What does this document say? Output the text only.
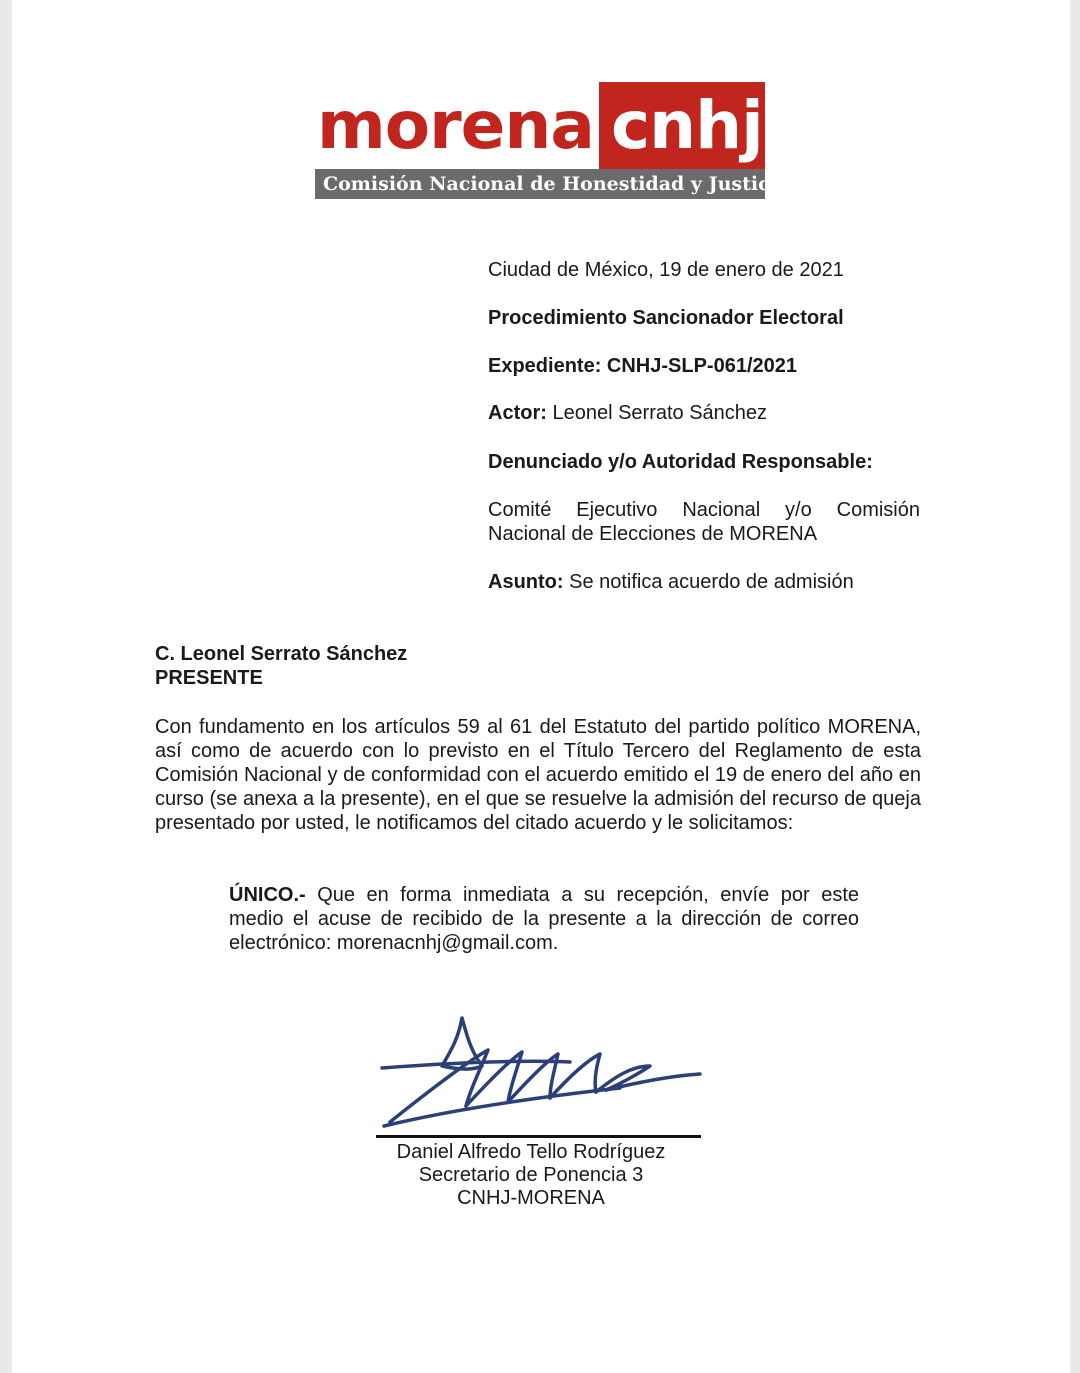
morena cnhj
Comisión Nacional de Honestidad y Justicia
Ciudad de México, 19 de enero de 2021
Procedimiento Sancionador Electoral
Expediente: CNHJ-SLP-061/2021
Actor: Leonel Serrato Sánchez
Denunciado y/o Autoridad Responsable:
Comité Ejecutivo Nacional y/o Comisión
Nacional de Elecciones de MORENA
Asunto: Se notifica acuerdo de admisión
C. Leonel Serrato Sánchez
PRESENTE
Con fundamento en los artículos 59 al 61 del Estatuto del partido político MORENA, así como de acuerdo con lo previsto en el Título Tercero del Reglamento de esta Comisión Nacional y de conformidad con el acuerdo emitido el 19 de enero del año en curso (se anexa a la presente), en el que se resuelve la admisión del recurso de queja presentado por usted, le notificamos del citado acuerdo y le solicitamos:
ÚNICO.- Que en forma inmediata a su recepción, envíe por este medio el acuse de recibido de la presente a la dirección de correo electrónico: morenacnhj@gmail.com.
Daniel Alfredo Tello Rodríguez
Secretario de Ponencia 3
CNHJ-MORENA
